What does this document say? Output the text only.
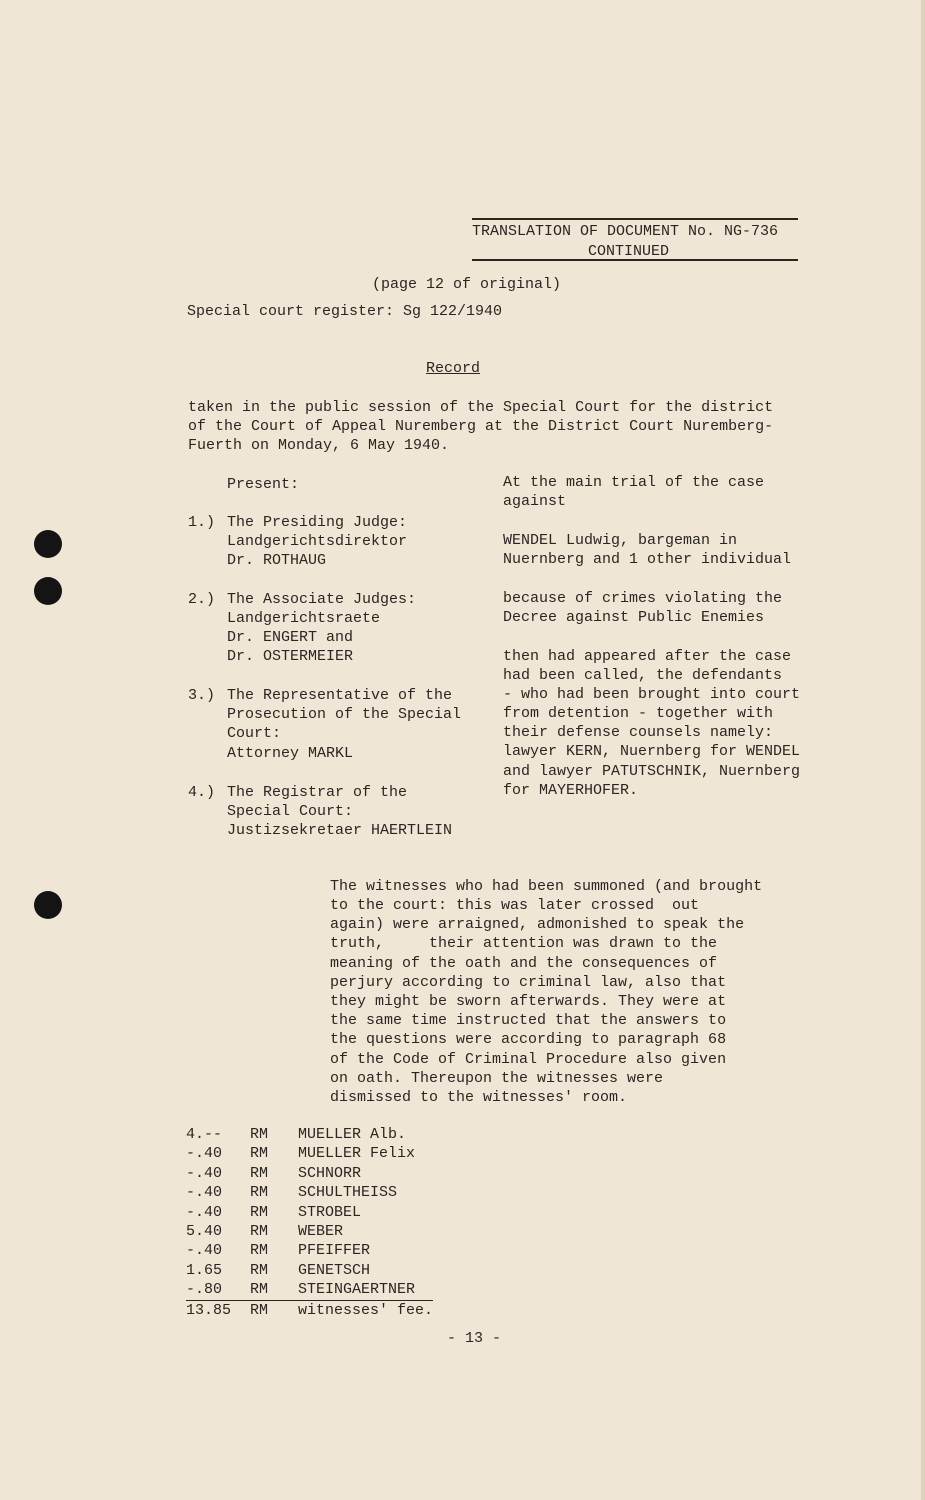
TRANSLATION OF DOCUMENT No. NG-736
CONTINUED
(page 12 of original)
Special court register: Sg 122/1940
Record
taken in the public session of the Special Court for the district
of the Court of Appeal Nuremberg at the District Court Nuremberg-
Fuerth on Monday, 6 May 1940.
Present:
1.) The Presiding Judge:
Landgerichtsdirektor
Dr. ROTHAUG
2.) The Associate Judges:
Landgerichtsraete
Dr. ENGERT and
Dr. OSTERMEIER
3.) The Representative of the
Prosecution of the Special
Court:
Attorney MARKL
4.) The Registrar of the
Special Court:
Justizsekretaer HAERTLEIN
At the main trial of the case
against
WENDEL Ludwig, bargeman in
Nuernberg and 1 other individual
because of crimes violating the
Decree against Public Enemies
then had appeared after the case
had been called, the defendants
- who had been brought into court
from detention - together with
their defense counsels namely:
lawyer KERN, Nuernberg for WENDEL
and lawyer PATUTSCHNIK, Nuernberg
for MAYERHOFER.
The witnesses who had been summoned (and brought
to the court: this was later crossed  out
again) were arraigned, admonished to speak the
truth,     their attention was drawn to the
meaning of the oath and the consequences of
perjury according to criminal law, also that
they might be sworn afterwards. They were at
the same time instructed that the answers to
the questions were according to paragraph 68
of the Code of Criminal Procedure also given
on oath. Thereupon the witnesses were
dismissed to the witnesses' room.
4.--	RM	MUELLER Alb.
-.40	RM	MUELLER Felix
-.40	RM	SCHNORR
-.40	RM	SCHULTHEISS
-.40	RM	STROBEL
5.40	RM	WEBER
-.40	RM	PFEIFFER
1.65	RM	GENETSCH
-.80	RM	STEINGAERTNER
13.85	RM	witnesses' fee.
- 13 -
